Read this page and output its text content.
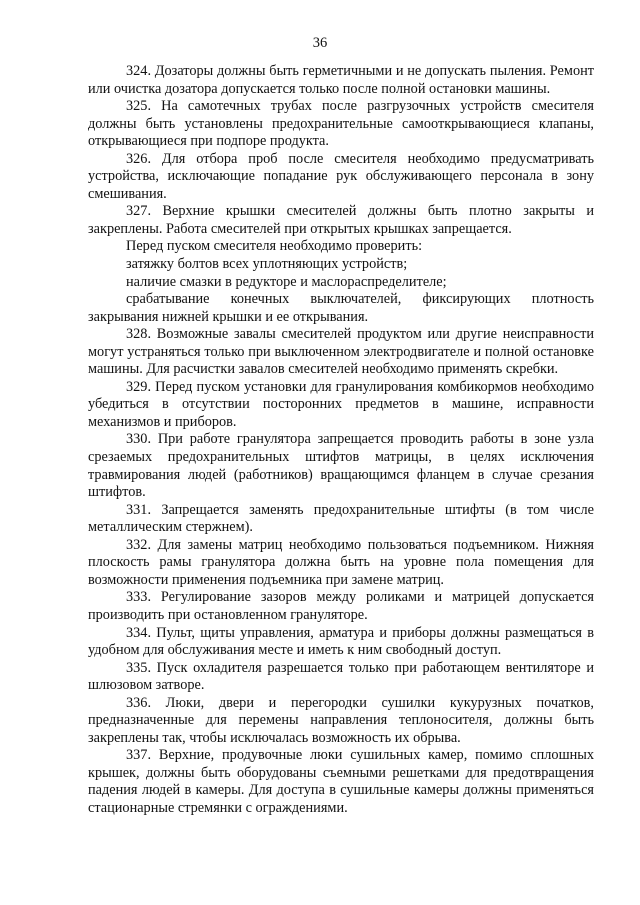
36

324. Дозаторы должны быть герметичными и не допускать пыления. Ремонт или очистка дозатора допускается только после полной остановки машины.

325. На самотечных трубах после разгрузочных устройств смесителя должны быть установлены предохранительные самооткрывающиеся клапаны, открывающиеся при подпоре продукта.

326. Для отбора проб после смесителя необходимо предусматривать устройства, исключающие попадание рук обслуживающего персонала в зону смешивания.

327. Верхние крышки смесителей должны быть плотно закрыты и закреплены. Работа смесителей при открытых крышках запрещается.

Перед пуском смесителя необходимо проверить:

затяжку болтов всех уплотняющих устройств;

наличие смазки в редукторе и маслораспределителе;

срабатывание конечных выключателей, фиксирующих плотность закрывания нижней крышки и ее открывания.

328. Возможные завалы смесителей продуктом или другие неисправности могут устраняться только при выключенном электродвигателе и полной остановке машины. Для расчистки завалов смесителей необходимо применять скребки.

329. Перед пуском установки для гранулирования комбикормов необходимо убедиться в отсутствии посторонних предметов в машине, исправности механизмов и приборов.

330. При работе гранулятора запрещается проводить работы в зоне узла срезаемых предохранительных штифтов матрицы, в целях исключения травмирования людей (работников) вращающимся фланцем в случае срезания штифтов.

331. Запрещается заменять предохранительные штифты (в том числе металлическим стержнем).

332. Для замены матриц необходимо пользоваться подъемником. Нижняя плоскость рамы гранулятора должна быть на уровне пола помещения для возможности применения подъемника при замене матриц.

333. Регулирование зазоров между роликами и матрицей допускается производить при остановленном грануляторе.

334. Пульт, щиты управления, арматура и приборы должны размещаться в удобном для обслуживания месте и иметь к ним свободный доступ.

335. Пуск охладителя разрешается только при работающем вентиляторе и шлюзовом затворе.

336. Люки, двери и перегородки сушилки кукурузных початков, предназначенные для перемены направления теплоносителя, должны быть закреплены так, чтобы исключалась возможность их обрыва.

337. Верхние, продувочные люки сушильных камер, помимо сплошных крышек, должны быть оборудованы съемными решетками для предотвращения падения людей в камеры. Для доступа в сушильные камеры должны применяться стационарные стремянки с ограждениями.
